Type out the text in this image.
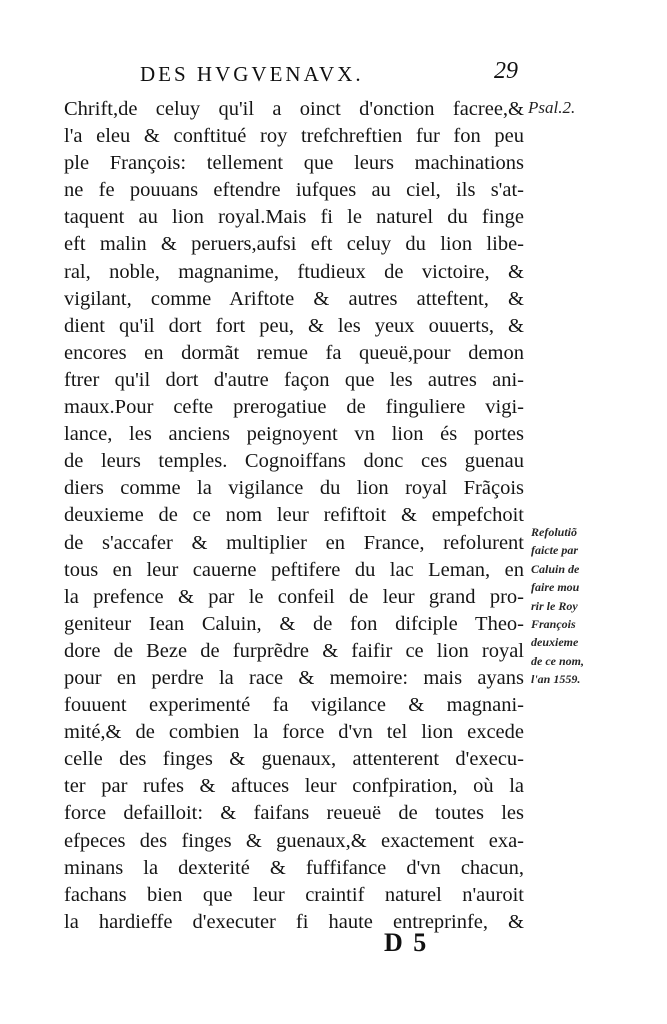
DES HVGVENAVX.	29
Psal.2.
Chrift,de celuy qu'il a oinct d'onction facree,&
l'a eleu & conftitué roy trefchreftien fur fon peu
ple François: tellement que leurs machinations
ne fe pouuans eftendre iufques au ciel, ils s'at-
taquent au lion royal.Mais fi le naturel du finge
eft malin & peruers,aufsi eft celuy du lion libe-
ral, noble, magnanime, ftudieux de victoire, &
vigilant, comme Ariftote & autres atteftent, &
dient qu'il dort fort peu, & les yeux ouuerts, &
encores en dormãt remue fa queuë,pour demon
ftrer qu'il dort d'autre façon que les autres ani-
maux.Pour cefte prerogatiue de finguliere vigi-
lance, les anciens peignoyent vn lion és portes
de leurs temples. Cognoiffans donc ces guenau
diers comme la vigilance du lion royal Frãçois
deuxieme de ce nom leur refiftoit & empefchoit
de s'accafer & multiplier en France, refolurent
tous en leur cauerne peftifere du lac Leman, en
la prefence & par le confeil de leur grand pro-
geniteur Iean Caluin, & de fon difciple Theo-
dore de Beze de furprẽdre & faifir ce lion royal
pour en perdre la race & memoire: mais ayans
fouuent experimenté fa vigilance & magnani-
mité,& de combien la force d'vn tel lion excede
celle des finges & guenaux, attenterent d'execu-
ter par rufes & aftuces leur confpiration, où la
force defailloit: & faifans reueuë de toutes les
efpeces des finges & guenaux,& exactement exa-
minans la dexterité & fuffifance d'vn chacun,
fachans bien que leur craintif naturel n'auroit
la hardieffe d'executer fi haute entreprinfe, &
Refolutiõ
faicte par
Caluin de
faire mou
rir le Roy
François
deuxieme
de ce nom,
l'an 1559.
D 5
